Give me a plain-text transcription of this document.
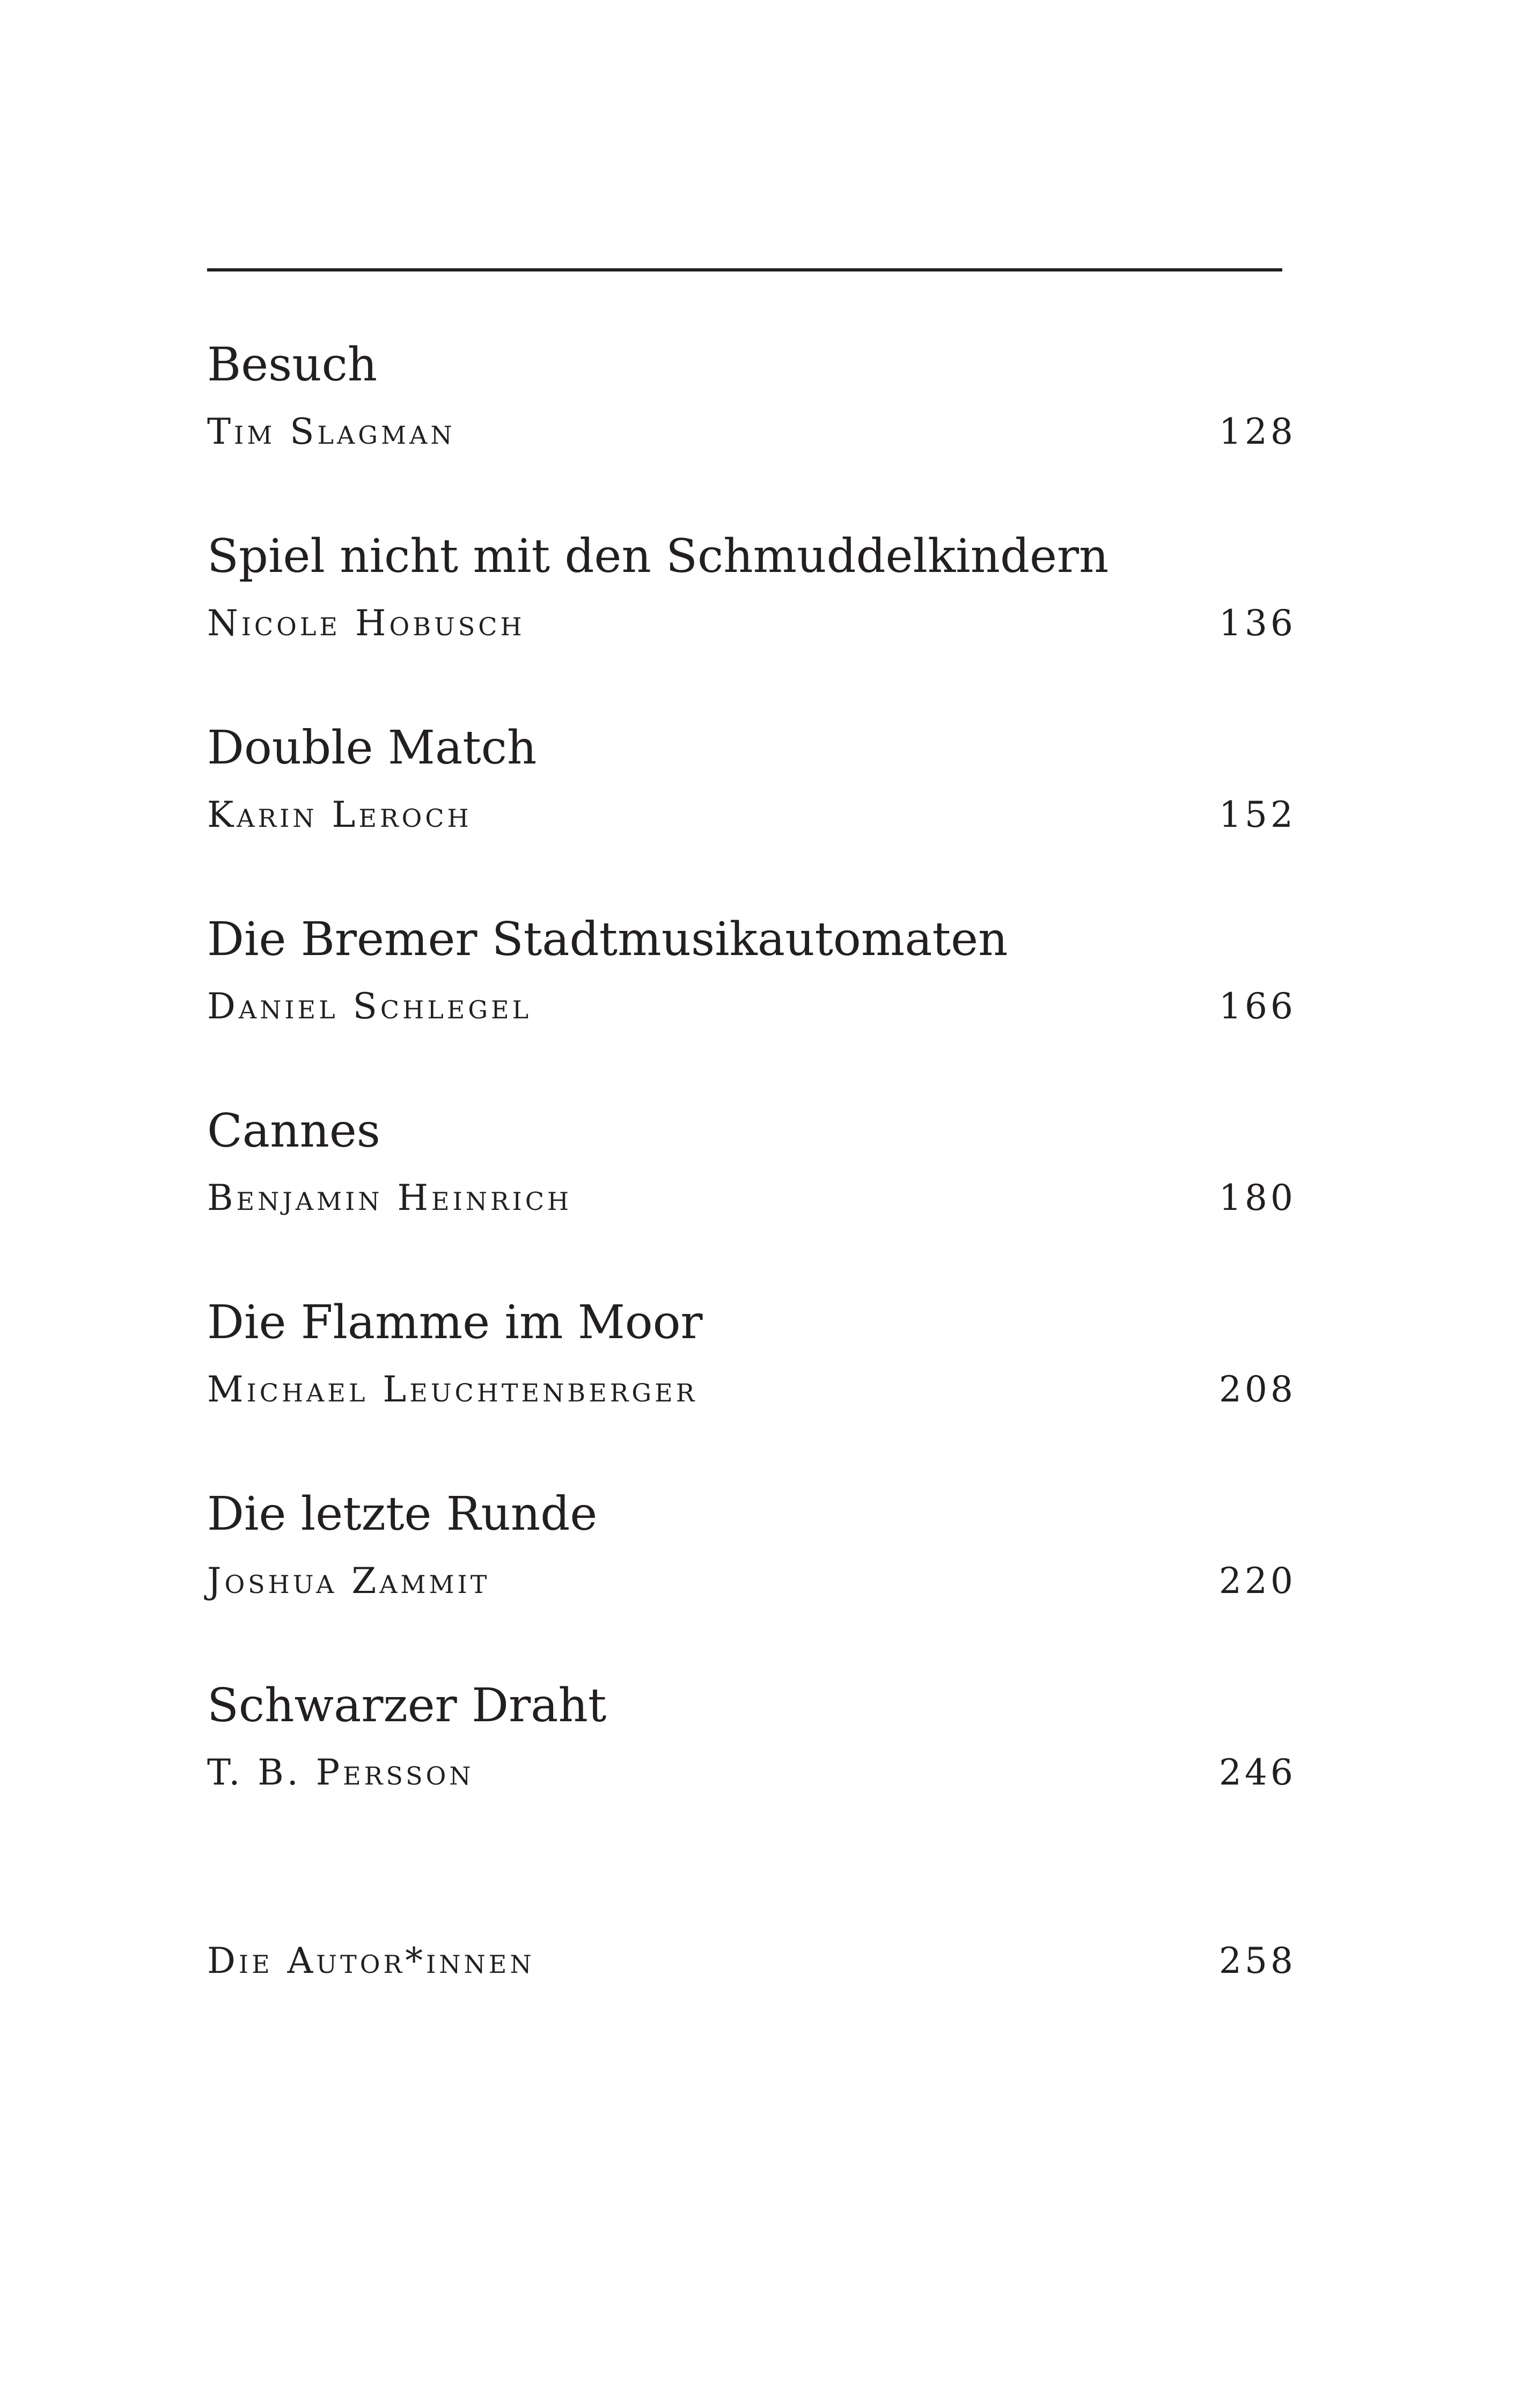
Besuch
Tim Slagman	128
Spiel nicht mit den Schmuddelkindern
Nicole Hobusch	136
Double Match
Karin Leroch	152
Die Bremer Stadtmusikautomaten
Daniel Schlegel	166
Cannes
Benjamin Heinrich	180
Die Flamme im Moor
Michael Leuchtenberger	208
Die letzte Runde
Joshua Zammit	220
Schwarzer Draht
T. B. Persson	246
Die Autor*innen	258
